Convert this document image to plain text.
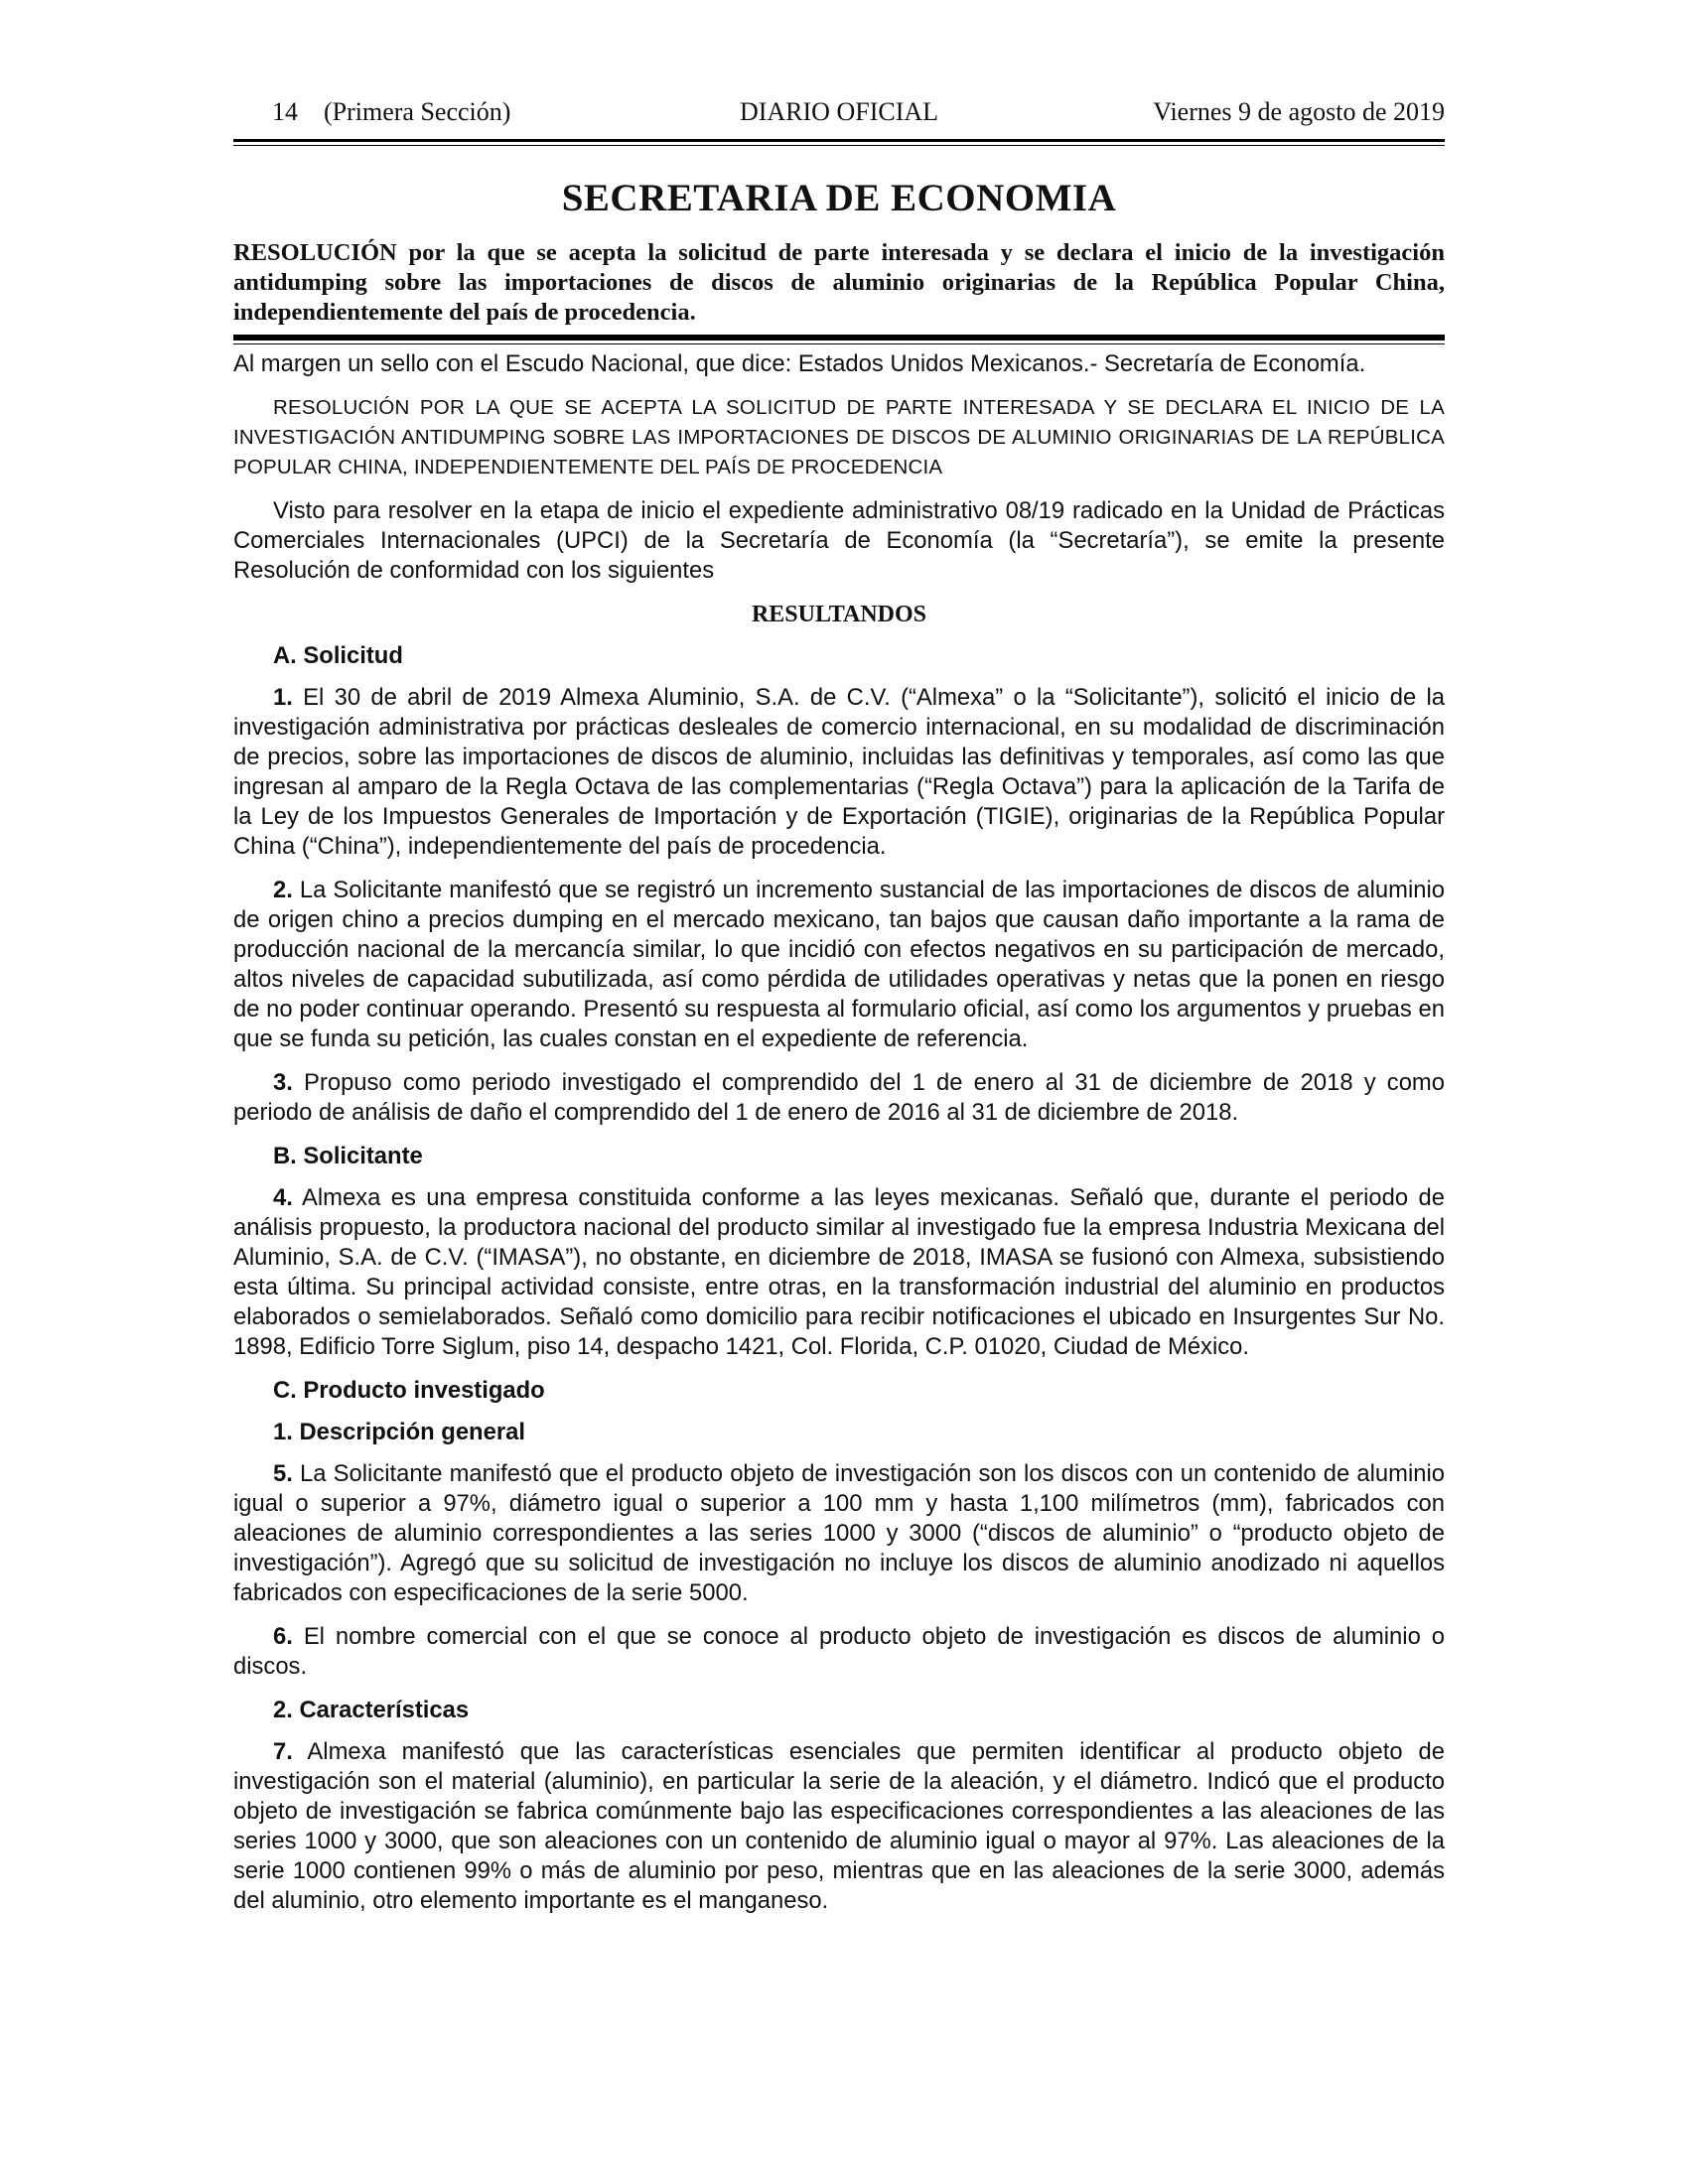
14 (Primera Sección)	DIARIO OFICIAL	Viernes 9 de agosto de 2019
SECRETARIA DE ECONOMIA
RESOLUCIÓN por la que se acepta la solicitud de parte interesada y se declara el inicio de la investigación antidumping sobre las importaciones de discos de aluminio originarias de la República Popular China, independientemente del país de procedencia.

Al margen un sello con el Escudo Nacional, que dice: Estados Unidos Mexicanos.- Secretaría de Economía.

RESOLUCIÓN POR LA QUE SE ACEPTA LA SOLICITUD DE PARTE INTERESADA Y SE DECLARA EL INICIO DE LA INVESTIGACIÓN ANTIDUMPING SOBRE LAS IMPORTACIONES DE DISCOS DE ALUMINIO ORIGINARIAS DE LA REPÚBLICA POPULAR CHINA, INDEPENDIENTEMENTE DEL PAÍS DE PROCEDENCIA

Visto para resolver en la etapa de inicio el expediente administrativo 08/19 radicado en la Unidad de Prácticas Comerciales Internacionales (UPCI) de la Secretaría de Economía (la “Secretaría”), se emite la presente Resolución de conformidad con los siguientes

RESULTANDOS
A. Solicitud

1. El 30 de abril de 2019 Almexa Aluminio, S.A. de C.V. (“Almexa” o la “Solicitante”), solicitó el inicio de la investigación administrativa por prácticas desleales de comercio internacional, en su modalidad de discriminación de precios, sobre las importaciones de discos de aluminio, incluidas las definitivas y temporales, así como las que ingresan al amparo de la Regla Octava de las complementarias (“Regla Octava”) para la aplicación de la Tarifa de la Ley de los Impuestos Generales de Importación y de Exportación (TIGIE), originarias de la República Popular China (“China”), independientemente del país de procedencia.

2. La Solicitante manifestó que se registró un incremento sustancial de las importaciones de discos de aluminio de origen chino a precios dumping en el mercado mexicano, tan bajos que causan daño importante a la rama de producción nacional de la mercancía similar, lo que incidió con efectos negativos en su participación de mercado, altos niveles de capacidad subutilizada, así como pérdida de utilidades operativas y netas que la ponen en riesgo de no poder continuar operando. Presentó su respuesta al formulario oficial, así como los argumentos y pruebas en que se funda su petición, las cuales constan en el expediente de referencia.

3. Propuso como periodo investigado el comprendido del 1 de enero al 31 de diciembre de 2018 y como periodo de análisis de daño el comprendido del 1 de enero de 2016 al 31 de diciembre de 2018.

B. Solicitante

4. Almexa es una empresa constituida conforme a las leyes mexicanas. Señaló que, durante el periodo de análisis propuesto, la productora nacional del producto similar al investigado fue la empresa Industria Mexicana del Aluminio, S.A. de C.V. (“IMASA”), no obstante, en diciembre de 2018, IMASA se fusionó con Almexa, subsistiendo esta última. Su principal actividad consiste, entre otras, en la transformación industrial del aluminio en productos elaborados o semielaborados. Señaló como domicilio para recibir notificaciones el ubicado en Insurgentes Sur No. 1898, Edificio Torre Siglum, piso 14, despacho 1421, Col. Florida, C.P. 01020, Ciudad de México.

C. Producto investigado
1. Descripción general

5. La Solicitante manifestó que el producto objeto de investigación son los discos con un contenido de aluminio igual o superior a 97%, diámetro igual o superior a 100 mm y hasta 1,100 milímetros (mm), fabricados con aleaciones de aluminio correspondientes a las series 1000 y 3000 (“discos de aluminio” o “producto objeto de investigación”). Agregó que su solicitud de investigación no incluye los discos de aluminio anodizado ni aquellos fabricados con especificaciones de la serie 5000.

6. El nombre comercial con el que se conoce al producto objeto de investigación es discos de aluminio o discos.

2. Características

7. Almexa manifestó que las características esenciales que permiten identificar al producto objeto de investigación son el material (aluminio), en particular la serie de la aleación, y el diámetro. Indicó que el producto objeto de investigación se fabrica comúnmente bajo las especificaciones correspondientes a las aleaciones de las series 1000 y 3000, que son aleaciones con un contenido de aluminio igual o mayor al 97%. Las aleaciones de la serie 1000 contienen 99% o más de aluminio por peso, mientras que en las aleaciones de la serie 3000, además del aluminio, otro elemento importante es el manganeso.
